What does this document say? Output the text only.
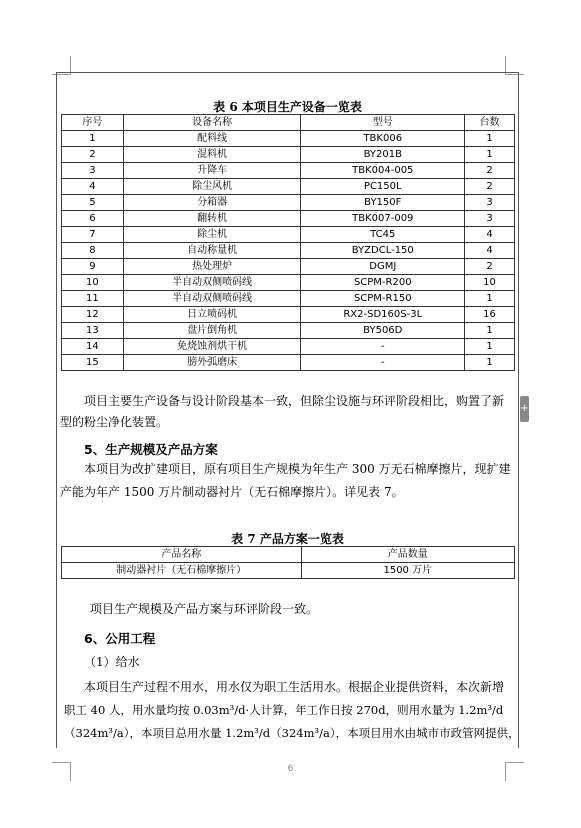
表 6 本项目生产设备一览表
序号	设备名称	型号	台数
1	配料线	TBK006	1
2	混料机	BY201B	1
3	升降车	TBK004-005	2
4	除尘风机	PC150L	2
5	分箱器	BY150F	3
6	翻转机	TBK007-009	3
7	除尘机	TC45	4
8	自动称量机	BYZDCL-150	4
9	热处理炉	DGMJ	2
10	半自动双侧喷码线	SCPM-R200	10
11	半自动双侧喷码线	SCPM-R150	1
12	日立喷码机	RX2-SD160S-3L	16
13	盘片倒角机	BY506D	1
14	免烧蚀剂烘干机	-	1
15	膀外弧磨床	-	1
项目主要生产设备与设计阶段基本一致，但除尘设施与环评阶段相比，购置了新
型的粉尘净化装置。
5、生产规模及产品方案
本项目为改扩建项目，原有项目生产规模为年生产 300 万无石棉摩擦片，现扩建
产能为年产 1500 万片制动器衬片（无石棉摩擦片）。详见表 7。
表 7 产品方案一览表
产品名称	产品数量
制动器衬片（无石棉摩擦片）	1500 万片
项目生产规模及产品方案与环评阶段一致。
6、公用工程
（1）给水
本项目生产过程不用水，用水仅为职工生活用水。根据企业提供资料，本次新增
职工 40 人，用水量均按 0.03m³/d·人计算，年工作日按 270d，则用水量为 1.2m³/d
（324m³/a），本项目总用水量 1.2m³/d（324m³/a），本项目用水由城市市政管网提供，
6
+
